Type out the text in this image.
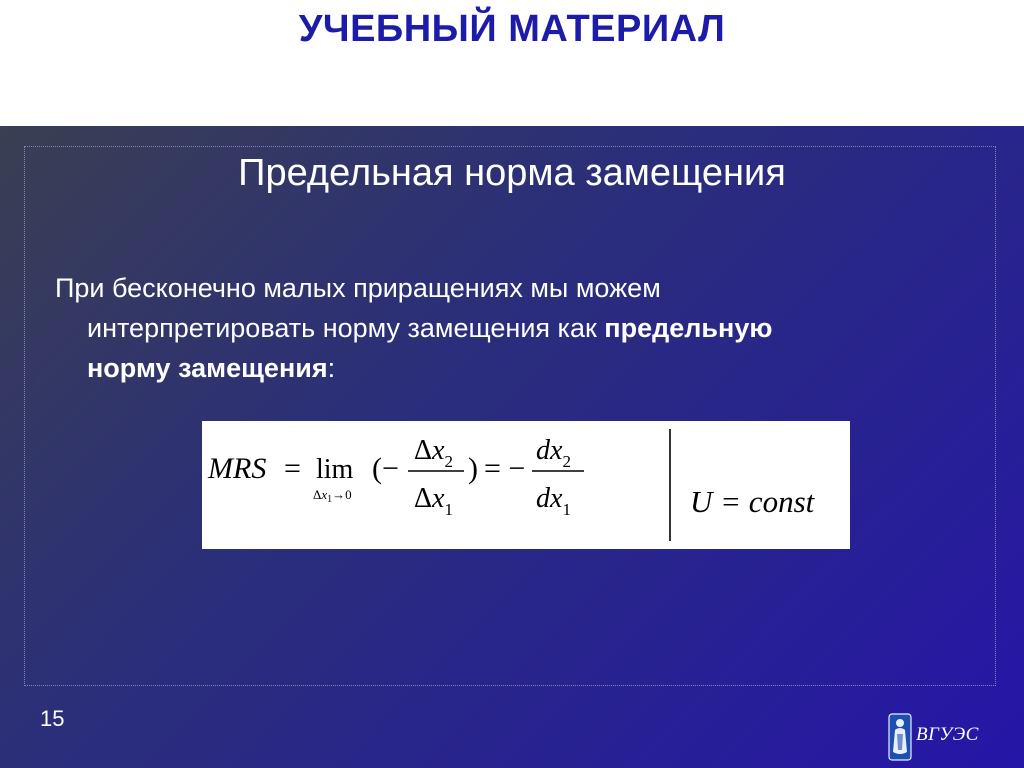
УЧЕБНЫЙ МАТЕРИАЛ
Предельная норма замещения
При бесконечно малых приращениях мы можем
интерпретировать норму замещения как предельную
норму замещения:
MRS = lim
$\Delta x_1\to 0$
(−
$\Delta x_2$
$\Delta x_1$
) = −
$dx_2$
$dx_1$	U = const
15
ВГУЭС
